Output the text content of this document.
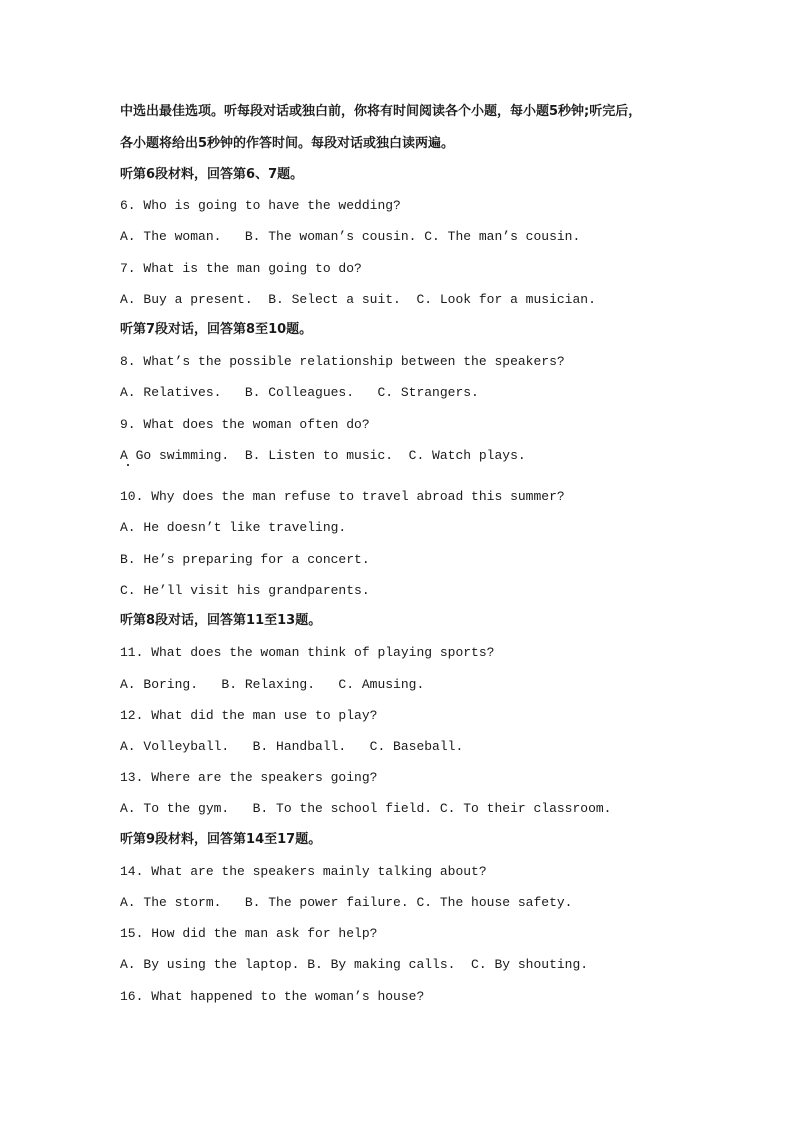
中选出最佳选项。听每段对话或独白前，你将有时间阅读各个小题，每小题5秒钟;听完后，
各小题将给出5秒钟的作答时间。每段对话或独白读两遍。
听第6段材料，回答第6、7题。
6. Who is going to have the wedding?
A. The woman.   B. The woman’s cousin. C. The man’s cousin.
7. What is the man going to do?
A. Buy a present.  B. Select a suit.  C. Look for a musician.
听第7段对话，回答第8至10题。
8. What’s the possible relationship between the speakers?
A. Relatives.   B. Colleagues.   C. Strangers.
9. What does the woman often do?
A Go swimming.  B. Listen to music.  C. Watch plays.
10. Why does the man refuse to travel abroad this summer?
A. He doesn’t like traveling.
B. He’s preparing for a concert.
C. He’ll visit his grandparents.
听第8段对话，回答第11至13题。
11. What does the woman think of playing sports?
A. Boring.   B. Relaxing.   C. Amusing.
12. What did the man use to play?
A. Volleyball.   B. Handball.   C. Baseball.
13. Where are the speakers going?
A. To the gym.   B. To the school field. C. To their classroom.
听第9段材料，回答第14至17题。
14. What are the speakers mainly talking about?
A. The storm.   B. The power failure. C. The house safety.
15. How did the man ask for help?
A. By using the laptop. B. By making calls.  C. By shouting.
16. What happened to the woman’s house?
